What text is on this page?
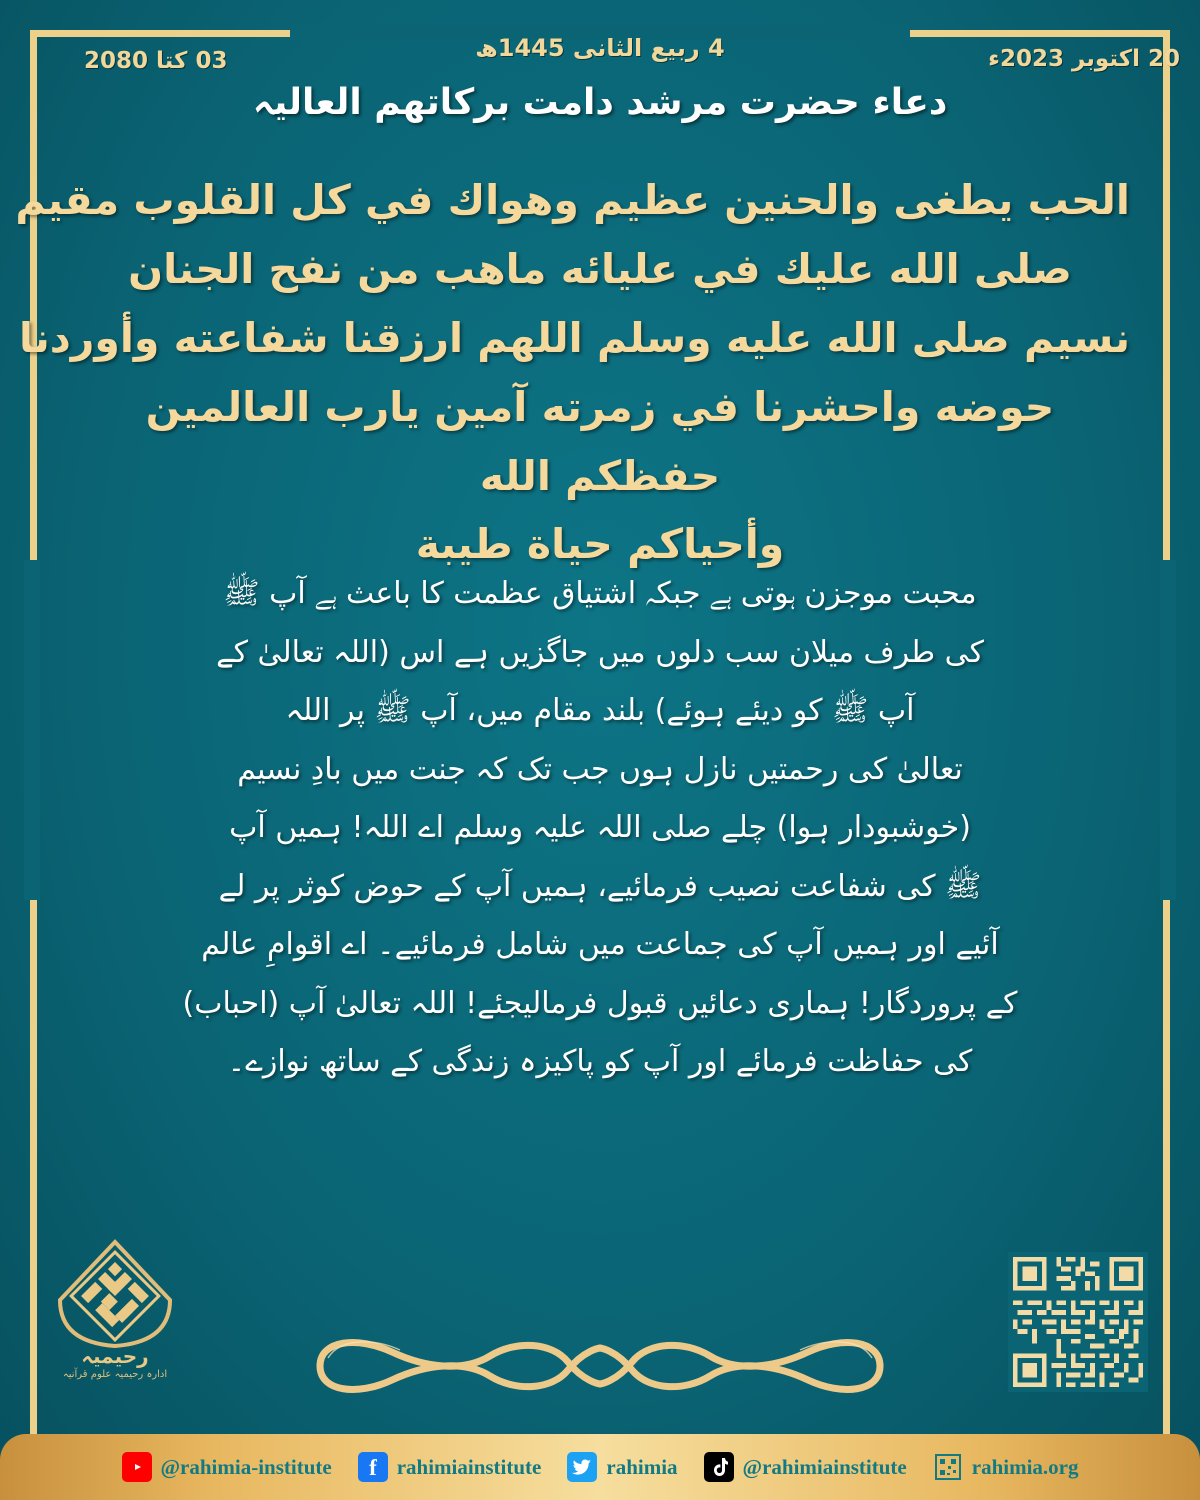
03 کتا 2080	4 ربیع الثانی 1445ھ	20 اکتوبر 2023ء
دعاء حضرت مرشد دامت برکاتھم العالیہ
الحب يطغى والحنين عظيم وهواك في كل القلوب مقيم
صلى الله عليك في علیائه ماهب من نفح الجنان
نسیم صلى الله عليه وسلم اللهم ارزقنا شفاعته وأوردنا
حوضه واحشرنا في زمرته آمين يارب العالمين حفظكم الله
وأحياكم حياة طيبة
محبت موجزن ہوتی ہے جبکہ اشتیاق عظمت کا باعث ہے آپ ﷺ
کی طرف میلان سب دلوں میں جاگزیں ہے اس (اللہ تعالیٰ کے
آپ ﷺ کو دیئے ہوئے) بلند مقام میں، آپ ﷺ پر اللہ
تعالیٰ کی رحمتیں نازل ہوں جب تک کہ جنت میں بادِ نسیم
(خوشبودار ہوا) چلے صلی اللہ علیہ وسلم اے اللہ! ہمیں آپ
ﷺ کی شفاعت نصیب فرمائیے، ہمیں آپ کے حوض کوثر پر لے
آئیے اور ہمیں آپ کی جماعت میں شامل فرمائیے۔ اے اقوامِ عالم
کے پروردگار! ہماری دعائیں قبول فرمالیجئے! اللہ تعالیٰ آپ (احباب)
کی حفاظت فرمائے اور آپ کو پاکیزہ زندگی کے ساتھ نوازے۔
رحیمیہ
ادارہ رحیمیہ علوم قرآنیہ
@rahimia-institute f rahimiainstitute	rahimia	@rahimiainstitute	rahimia.org
